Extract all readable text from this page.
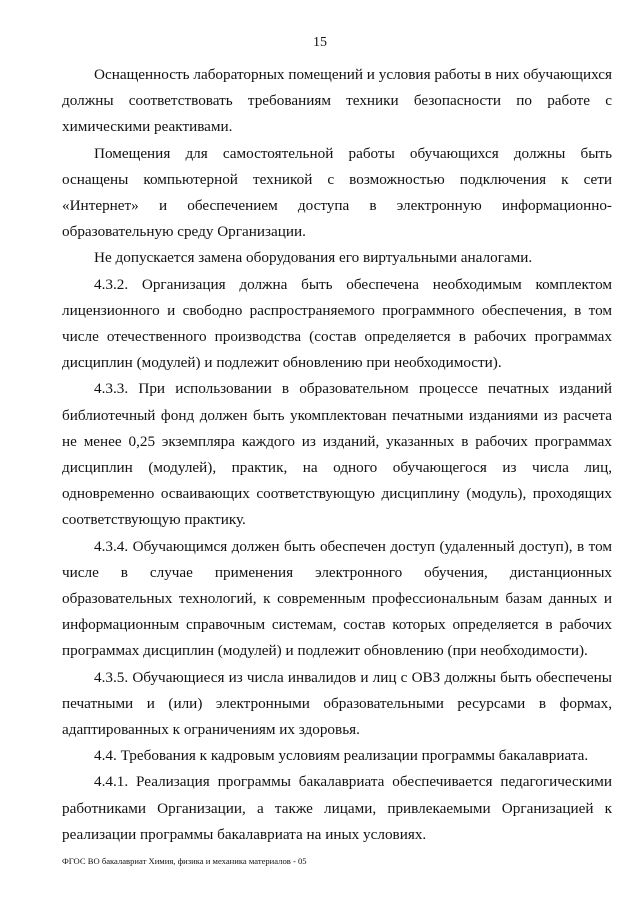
15

Оснащенность лабораторных помещений и условия работы в них обучающихся должны соответствовать требованиям техники безопасности по работе с химическими реактивами.

Помещения для самостоятельной работы обучающихся должны быть оснащены компьютерной техникой с возможностью подключения к сети «Интернет» и обеспечением доступа в электронную информационно-образовательную среду Организации.

Не допускается замена оборудования его виртуальными аналогами.

4.3.2. Организация должна быть обеспечена необходимым комплектом лицензионного и свободно распространяемого программного обеспечения, в том числе отечественного производства (состав определяется в рабочих программах дисциплин (модулей) и подлежит обновлению при необходимости).

4.3.3. При использовании в образовательном процессе печатных изданий библиотечный фонд должен быть укомплектован печатными изданиями из расчета не менее 0,25 экземпляра каждого из изданий, указанных в рабочих программах дисциплин (модулей), практик, на одного обучающегося из числа лиц, одновременно осваивающих соответствующую дисциплину (модуль), проходящих соответствующую практику.

4.3.4. Обучающимся должен быть обеспечен доступ (удаленный доступ), в том числе в случае применения электронного обучения, дистанционных образовательных технологий, к современным профессиональным базам данных и информационным справочным системам, состав которых определяется в рабочих программах дисциплин (модулей) и подлежит обновлению (при необходимости).

4.3.5. Обучающиеся из числа инвалидов и лиц с ОВЗ должны быть обеспечены печатными и (или) электронными образовательными ресурсами в формах, адаптированных к ограничениям их здоровья.

4.4. Требования к кадровым условиям реализации программы бакалавриата.

4.4.1. Реализация программы бакалавриата обеспечивается педагогическими работниками Организации, а также лицами, привлекаемыми Организацией к реализации программы бакалавриата на иных условиях.

ФГОС ВО бакалавриат Химия, физика и механика материалов - 05
